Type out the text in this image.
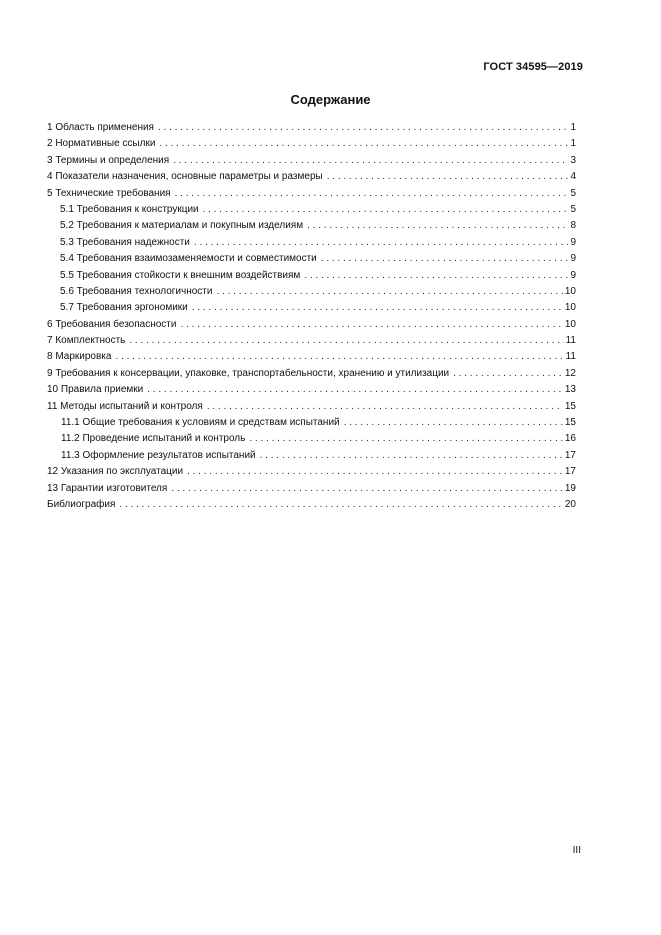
ГОСТ 34595—2019
Содержание
1 Область применения . . .	1
2 Нормативные ссылки . . .	1
3 Термины и определения . . .	3
4 Показатели назначения, основные параметры и размеры . . .	4
5 Технические требования . . .	5
5.1 Требования к конструкции . . .	5
5.2 Требования к материалам и покупным изделиям . . .	8
5.3 Требования надежности . . .	9
5.4 Требования взаимозаменяемости и совместимости . . .	9
5.5 Требования стойкости к внешним воздействиям . . .	9
5.6 Требования технологичности . . .	10
5.7 Требования эргономики . . .	10
6 Требования безопасности . . .	10
7 Комплектность . . .	11
8 Маркировка . . .	11
9 Требования к консервации, упаковке, транспортабельности, хранению и утилизации . . .	12
10 Правила приемки . . .	13
11 Методы испытаний и контроля . . .	15
11.1 Общие требования к условиям и средствам испытаний . . .	15
11.2 Проведение испытаний и контроль . . .	16
11.3 Оформление результатов испытаний . . .	17
12 Указания по эксплуатации . . .	17
13 Гарантии изготовителя . . .	19
Библиография . . .	20
III
